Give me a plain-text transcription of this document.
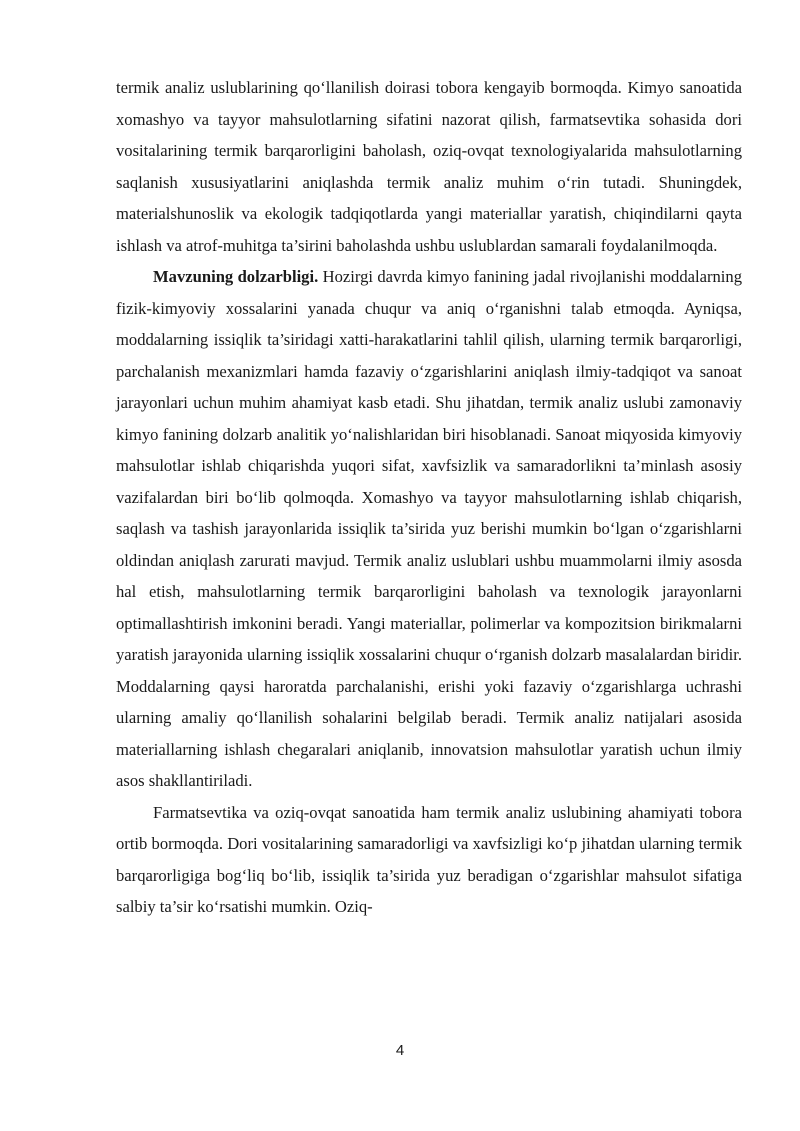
termik analiz uslublarining qo‘llanilish doirasi tobora kengayib bormoqda. Kimyo sanoatida xomashyo va tayyor mahsulotlarning sifatini nazorat qilish, farmatsevtika sohasida dori vositalarining termik barqarorligini baholash, oziq-ovqat texnologiyalarida mahsulotlarning saqlanish xususiyatlarini aniqlashda termik analiz muhim o‘rin tutadi. Shuningdek, materialshunoslik va ekologik tadqiqotlarda yangi materiallar yaratish, chiqindilarni qayta ishlash va atrof-muhitga ta’sirini baholashda ushbu uslublardan samarali foydalanilmoqda.

Mavzuning dolzarbligi. Hozirgi davrda kimyo fanining jadal rivojlanishi moddalarning fizik-kimyoviy xossalarini yanada chuqur va aniq o‘rganishni talab etmoqda. Ayniqsa, moddalarning issiqlik ta’siridagi xatti-harakatlarini tahlil qilish, ularning termik barqarorligi, parchalanish mexanizmlari hamda fazaviy o‘zgarishlarini aniqlash ilmiy-tadqiqot va sanoat jarayonlari uchun muhim ahamiyat kasb etadi. Shu jihatdan, termik analiz uslubi zamonaviy kimyo fanining dolzarb analitik yo‘nalishlaridan biri hisoblanadi. Sanoat miqyosida kimyoviy mahsulotlar ishlab chiqarishda yuqori sifat, xavfsizlik va samaradorlikni ta’minlash asosiy vazifalardan biri bo‘lib qolmoqda. Xomashyo va tayyor mahsulotlarning ishlab chiqarish, saqlash va tashish jarayonlarida issiqlik ta’sirida yuz berishi mumkin bo‘lgan o‘zgarishlarni oldindan aniqlash zarurati mavjud. Termik analiz uslublari ushbu muammolarni ilmiy asosda hal etish, mahsulotlarning termik barqarorligini baholash va texnologik jarayonlarni optimallashtirish imkonini beradi. Yangi materiallar, polimerlar va kompozitsion birikmalarni yaratish jarayonida ularning issiqlik xossalarini chuqur o‘rganish dolzarb masalalardan biridir. Moddalarning qaysi haroratda parchalanishi, erishi yoki fazaviy o‘zgarishlarga uchrashi ularning amaliy qo‘llanilish sohalarini belgilab beradi. Termik analiz natijalari asosida materiallarning ishlash chegaralari aniqlanib, innovatsion mahsulotlar yaratish uchun ilmiy asos shakllantiriladi.

Farmatsevtika va oziq-ovqat sanoatida ham termik analiz uslubining ahamiyati tobora ortib bormoqda. Dori vositalarining samaradorligi va xavfsizligi ko‘p jihatdan ularning termik barqarorligiga bog‘liq bo‘lib, issiqlik ta’sirida yuz beradigan o‘zgarishlar mahsulot sifatiga salbiy ta’sir ko‘rsatishi mumkin. Oziq-

4
